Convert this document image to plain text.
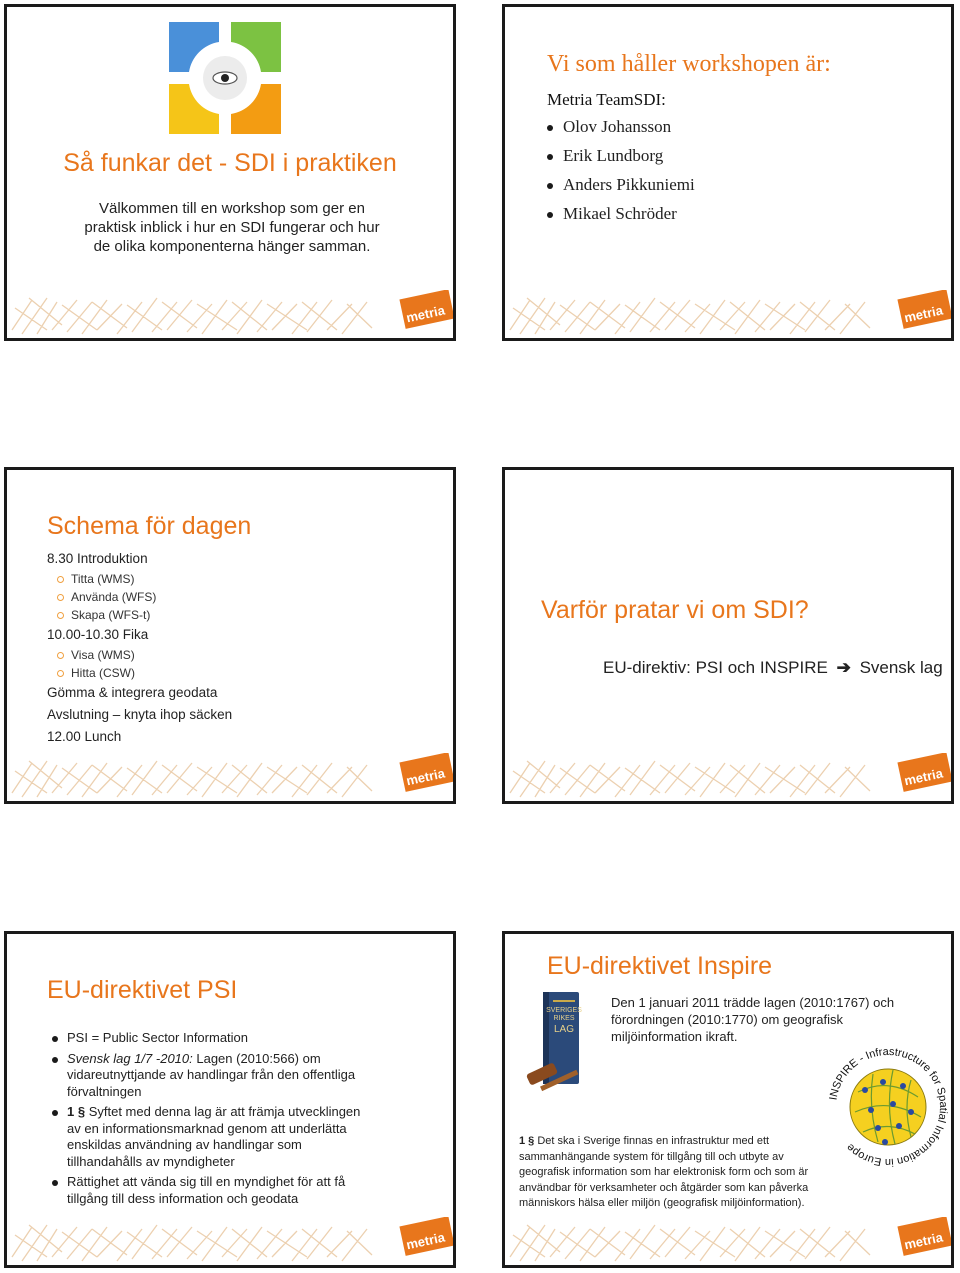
Så funkar det - SDI i praktiken
Välkommen till en workshop som ger en praktisk inblick i hur en SDI fungerar och hur de olika komponenterna hänger samman.
metria
Vi som håller workshopen är:
Metria TeamSDI:
Olov Johansson
Erik Lundborg
Anders Pikkuniemi
Mikael Schröder
metria
Schema för dagen
8.30 Introduktion
Titta (WMS)
Använda (WFS)
Skapa (WFS-t)
10.00-10.30 Fika
Visa (WMS)
Hitta (CSW)
Gömma & integrera geodata
Avslutning – knyta ihop säcken
12.00 Lunch
metria
Varför pratar vi om SDI?
EU-direktiv: PSI och INSPIRE ➔ Svensk lag
metria
EU-direktivet PSI
PSI = Public Sector Information
Svensk lag 1/7 -2010: Lagen (2010:566) om vidareutnyttjande av handlingar från den offentliga förvaltningen
1 § Syftet med denna lag är att främja utvecklingen av en informationsmarknad genom att underlätta enskildas användning av handlingar som tillhandahålls av myndigheter
Rättighet att vända sig till en myndighet för att få tillgång till dess information och geodata
metria
EU-direktivet Inspire
SVERIGES
RIKES
LAG
Den 1 januari 2011 trädde lagen (2010:1767) och förordningen (2010:1770) om geografisk miljöinformation ikraft.
INSPIRE - Infrastructure for Spatial Information in Europe
1 § Det ska i Sverige finnas en infrastruktur med ett sammanhängande system för tillgång till och utbyte av geografisk information som har elektronisk form och som är användbar för verksamheter och åtgärder som kan påverka människors hälsa eller miljön (geografisk miljöinformation).
metria
